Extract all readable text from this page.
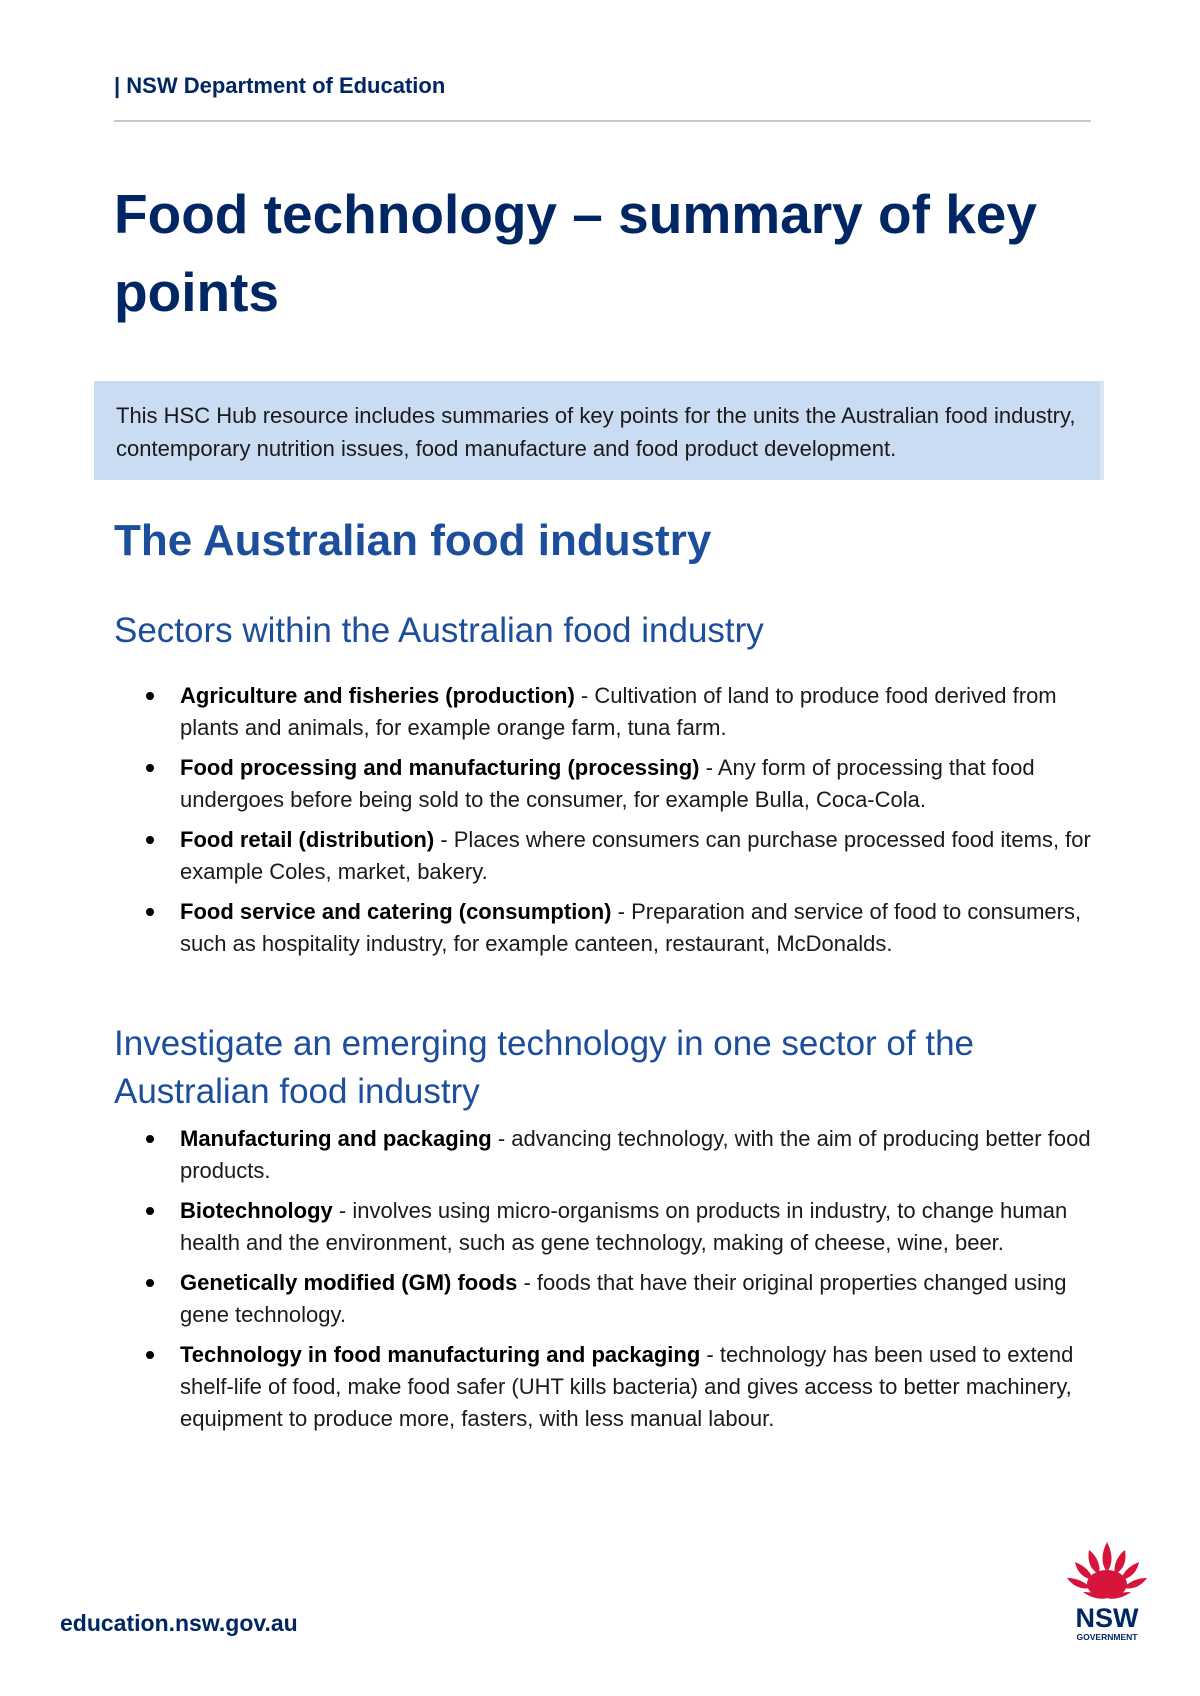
| NSW Department of Education
Food technology – summary of key points
This HSC Hub resource includes summaries of key points for the units the Australian food industry, contemporary nutrition issues, food manufacture and food product development.
The Australian food industry
Sectors within the Australian food industry
Agriculture and fisheries (production) - Cultivation of land to produce food derived from plants and animals, for example orange farm, tuna farm.
Food processing and manufacturing (processing) - Any form of processing that food undergoes before being sold to the consumer, for example Bulla, Coca-Cola.
Food retail (distribution) - Places where consumers can purchase processed food items, for example Coles, market, bakery.
Food service and catering (consumption) - Preparation and service of food to consumers, such as hospitality industry, for example canteen, restaurant, McDonalds.
Investigate an emerging technology in one sector of the Australian food industry
Manufacturing and packaging - advancing technology, with the aim of producing better food products.
Biotechnology - involves using micro-organisms on products in industry, to change human health and the environment, such as gene technology, making of cheese, wine, beer.
Genetically modified (GM) foods - foods that have their original properties changed using gene technology.
Technology in food manufacturing and packaging - technology has been used to extend shelf-life of food, make food safer (UHT kills bacteria) and gives access to better machinery, equipment to produce more, fasters, with less manual labour.
education.nsw.gov.au	NSW
GOVERNMENT
